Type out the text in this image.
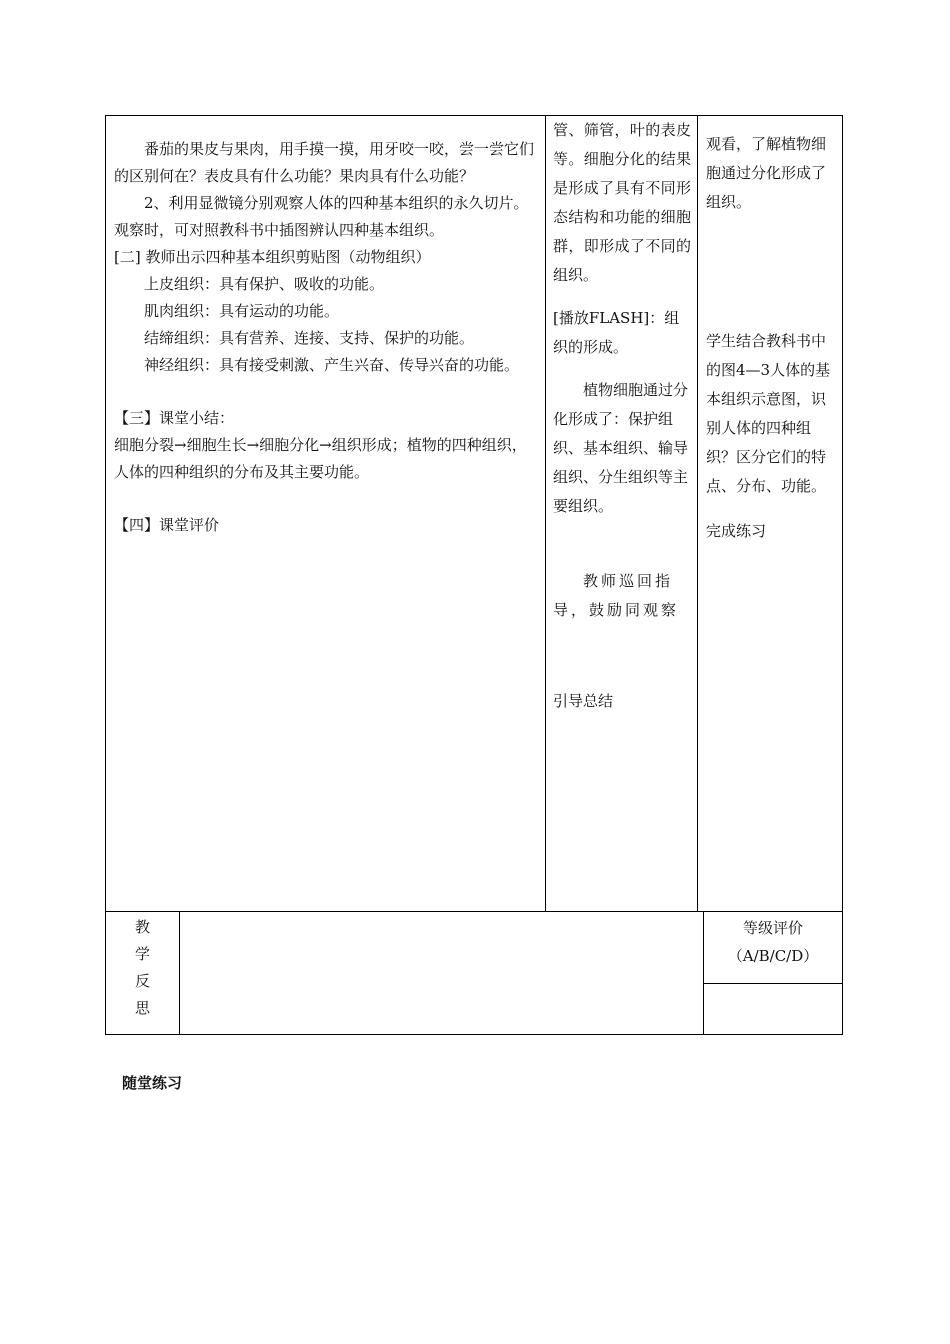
番茄的果皮与果肉，用手摸一摸，用牙咬一咬，尝一尝它们的区别何在？表皮具有什么功能？果肉具有什么功能？

2、利用显微镜分别观察人体的四种基本组织的永久切片。观察时，可对照教科书中插图辨认四种基本组织。

[二] 教师出示四种基本组织剪贴图（动物组织）

上皮组织：具有保护、吸收的功能。

肌肉组织：具有运动的功能。

结缔组织：具有营养、连接、支持、保护的功能。

神经组织：具有接受刺激、产生兴奋、传导兴奋的功能。

【三】课堂小结：

细胞分裂→细胞生长→细胞分化→组织形成；植物的四种组织，人体的四种组织的分布及其主要功能。

【四】课堂评价

管、筛管，叶的表皮等。细胞分化的结果是形成了具有不同形态结构和功能的细胞群，即形成了不同的组织。

[播放FLASH]：组织的形成。

植物细胞通过分化形成了：保护组织、基本组织、输导组织、分生组织等主要组织。

教师巡回指导，鼓励同观察

引导总结

观看，了解植物细胞通过分化形成了组织。

学生结合教科书中的图4—3人体的基本组织示意图，识别人体的四种组织？区分它们的特点、分布、功能。

完成练习

教
学
反
思
等级评价
（A/B/C/D）
随堂练习
